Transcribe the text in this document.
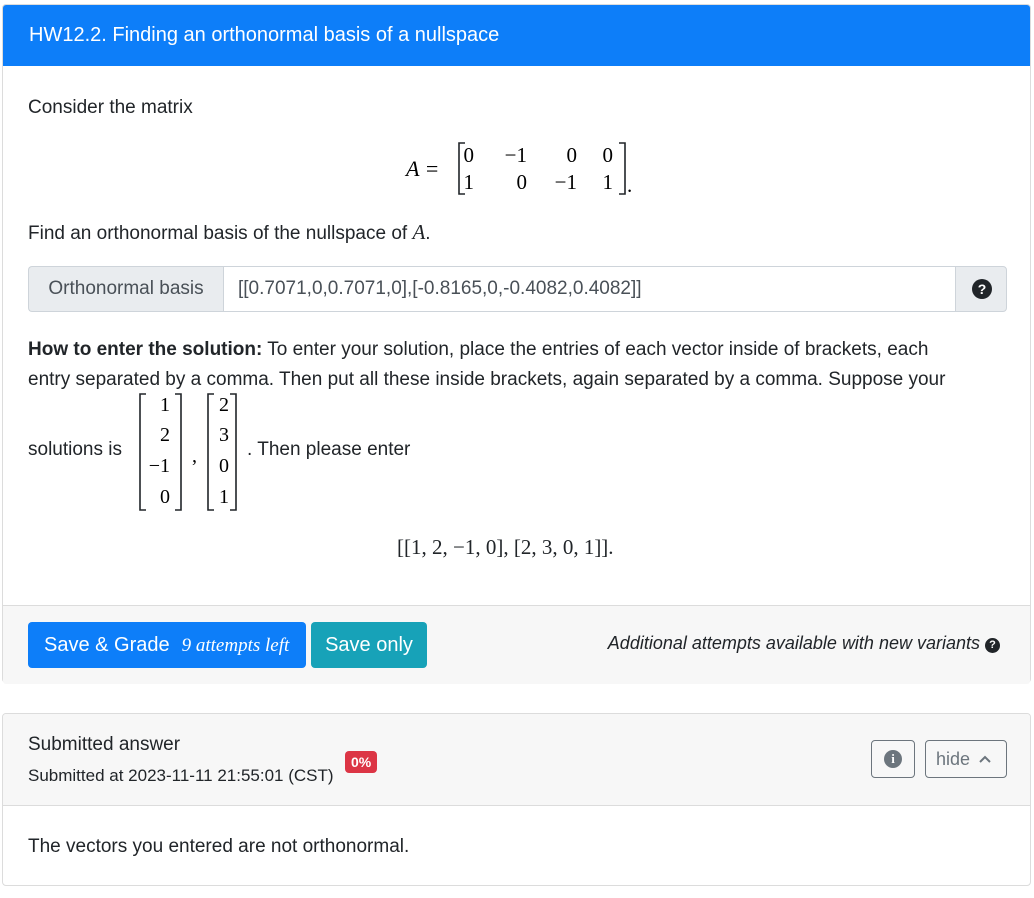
HW12.2. Finding an orthonormal basis of a nullspace
Consider the matrix
A =
0 −1 0 0
1 0 −1 1 .
Find an orthonormal basis of the nullspace of A.
Orthonormal basis	[[0.7071,0,0.7071,0],[-0.8165,0,-0.4082,0.4082]]	?
How to enter the solution: To enter your solution, place the entries of each vector inside of brackets, each
entry separated by a comma. Then put all these inside brackets, again separated by a comma. Suppose your
solutions is
1
2
−1
0
,
2
3
0
1
. Then please enter
[[1, 2, −1, 0], [2, 3, 0, 1]].
Save & Grade 9 attempts left	Save only	Additional attempts available with new variants ?
Submitted answer
Submitted at 2023-11-11 21:55:01 (CST)
0%	i	hide
The vectors you entered are not orthonormal.
